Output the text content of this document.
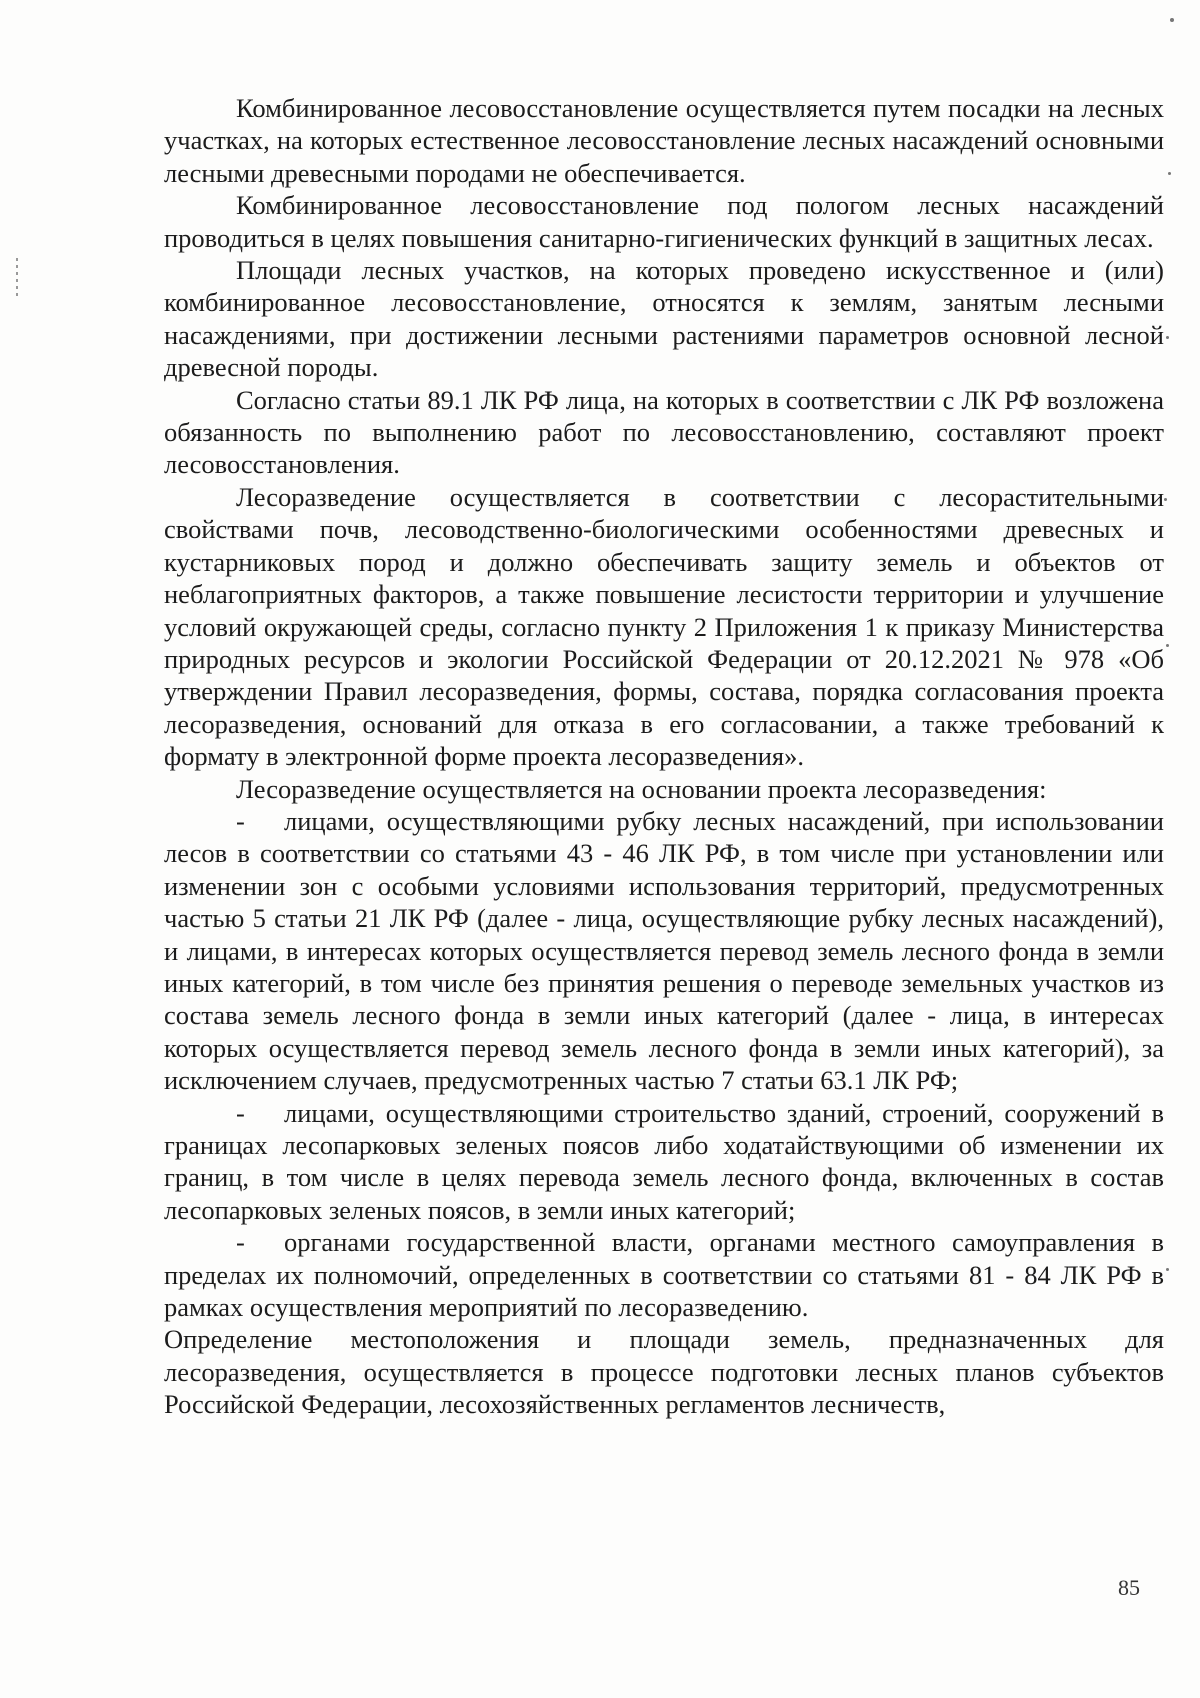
Комбинированное лесовосстановление осуществляется путем посадки на лесных участках, на которых естественное лесовосстановление лесных насаждений основными лесными древесными породами не обеспечивается.

Комбинированное лесовосстановление под пологом лесных насаждений проводиться в целях повышения санитарно-гигиенических функций в защитных лесах.

Площади лесных участков, на которых проведено искусственное и (или) комбинированное лесовосстановление, относятся к землям, занятым лесными насаждениями, при достижении лесными растениями параметров основной лесной древесной породы.

Согласно статьи 89.1 ЛК РФ лица, на которых в соответствии с ЛК РФ возложена обязанность по выполнению работ по лесовосстановлению, составляют проект лесовосстановления.

Лесоразведение осуществляется в соответствии с лесорастительными свойствами почв, лесоводственно-биологическими особенностями древесных и кустарниковых пород и должно обеспечивать защиту земель и объектов от неблагоприятных факторов, а также повышение лесистости территории и улучшение условий окружающей среды, согласно пункту 2 Приложения 1 к приказу Министерства природных ресурсов и экологии Российской Федерации от 20.12.2021 № 978 «Об утверждении Правил лесоразведения, формы, состава, порядка согласования проекта лесоразведения, оснований для отказа в его согласовании, а также требований к формату в электронной форме проекта лесоразведения».

Лесоразведение осуществляется на основании проекта лесоразведения:

- лицами, осуществляющими рубку лесных насаждений, при использовании лесов в соответствии со статьями 43 - 46 ЛК РФ, в том числе при установлении или изменении зон с особыми условиями использования территорий, предусмотренных частью 5 статьи 21 ЛК РФ (далее - лица, осуществляющие рубку лесных насаждений), и лицами, в интересах которых осуществляется перевод земель лесного фонда в земли иных категорий, в том числе без принятия решения о переводе земельных участков из состава земель лесного фонда в земли иных категорий (далее - лица, в интересах которых осуществляется перевод земель лесного фонда в земли иных категорий), за исключением случаев, предусмотренных частью 7 статьи 63.1 ЛК РФ;

- лицами, осуществляющими строительство зданий, строений, сооружений в границах лесопарковых зеленых поясов либо ходатайствующими об изменении их границ, в том числе в целях перевода земель лесного фонда, включенных в состав лесопарковых зеленых поясов, в земли иных категорий;

- органами государственной власти, органами местного самоуправления в пределах их полномочий, определенных в соответствии со статьями 81 - 84 ЛК РФ в рамках осуществления мероприятий по лесоразведению.

Определение местоположения и площади земель, предназначенных для лесоразведения, осуществляется в процессе подготовки лесных планов субъектов Российской Федерации, лесохозяйственных регламентов лесничеств,

85
